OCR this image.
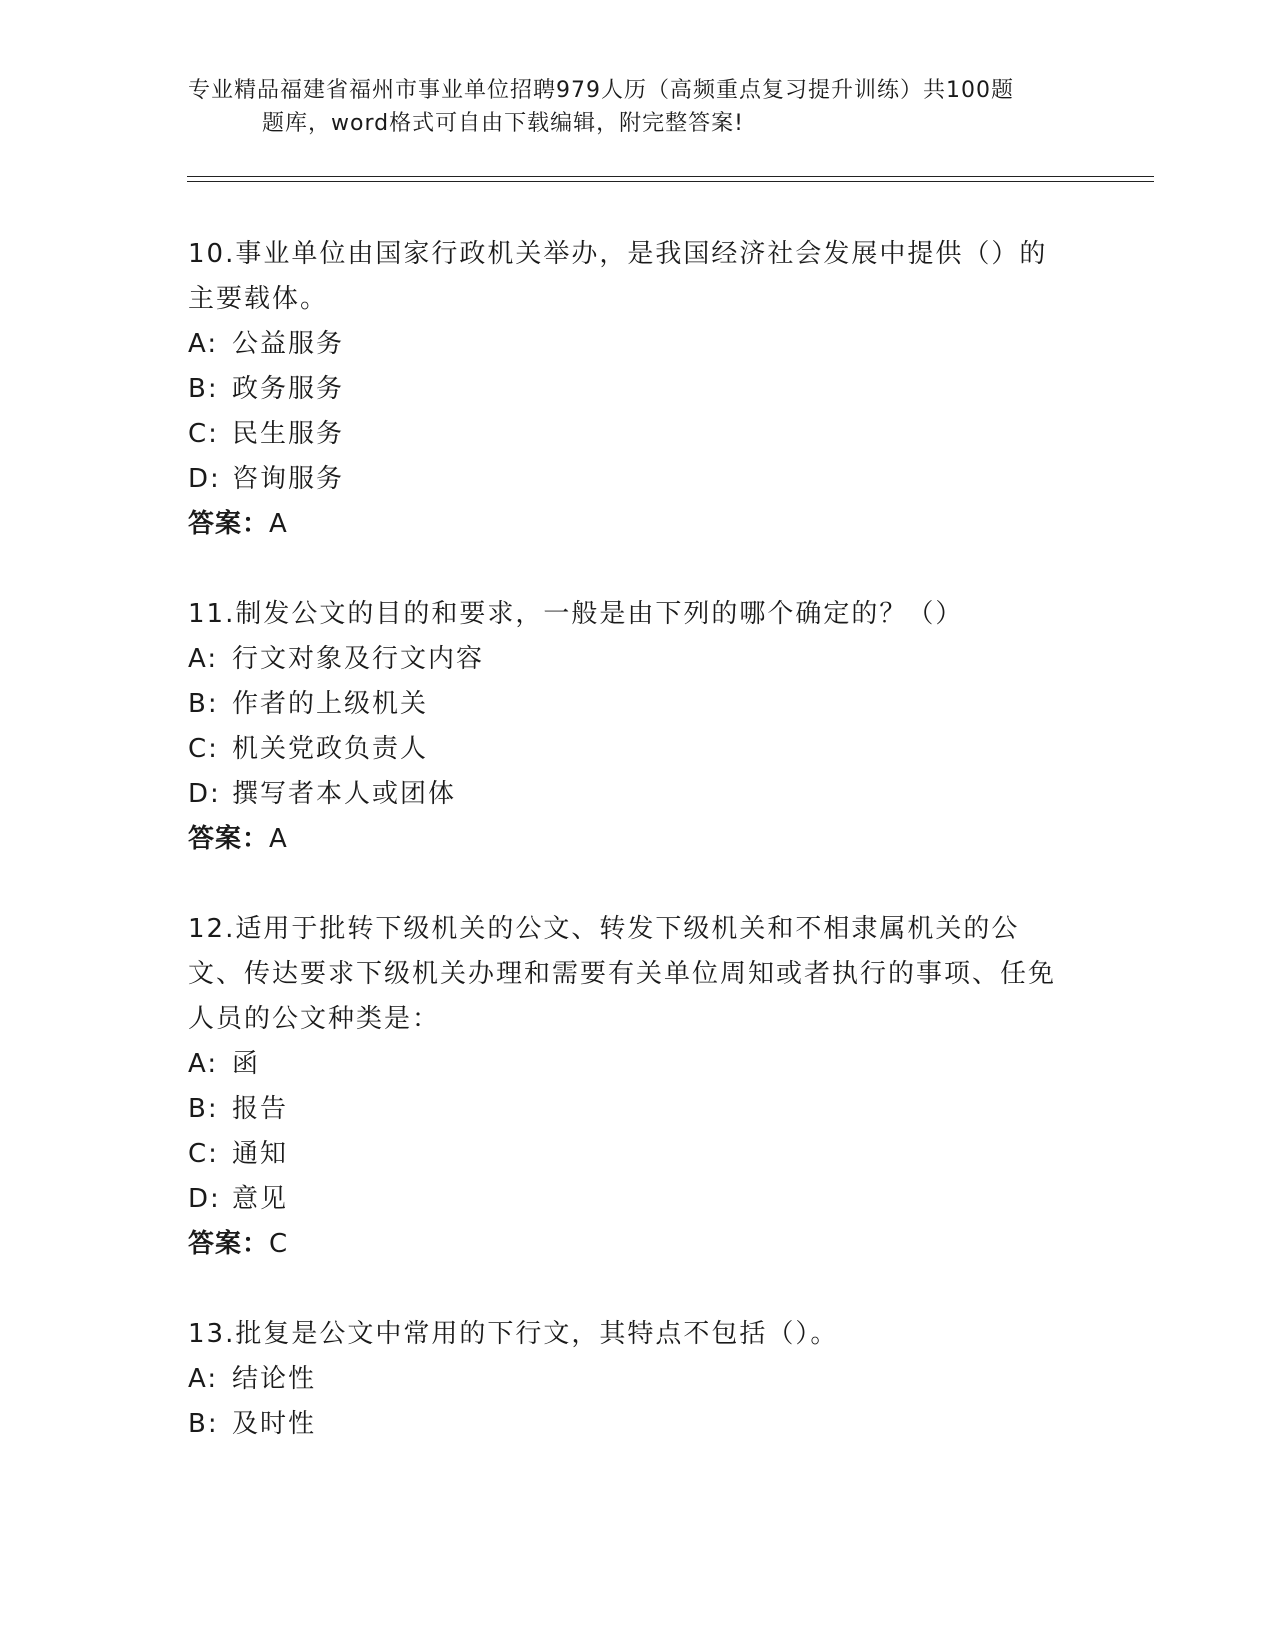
专业精品福建省福州市事业单位招聘979人历（高频重点复习提升训练）共100题
题库，word格式可自由下载编辑，附完整答案!

10.事业单位由国家行政机关举办，是我国经济社会发展中提供（）的主要载体。

A: 公益服务

B: 政务服务

C: 民生服务

D: 咨询服务

答案：A

11.制发公文的目的和要求，一般是由下列的哪个确定的？（）

A: 行文对象及行文内容

B: 作者的上级机关

C: 机关党政负责人

D: 撰写者本人或团体

答案：A

12.适用于批转下级机关的公文、转发下级机关和不相隶属机关的公文、传达要求下级机关办理和需要有关单位周知或者执行的事项、任免人员的公文种类是：

A: 函

B: 报告

C: 通知

D: 意见

答案：C

13.批复是公文中常用的下行文，其特点不包括（）。

A: 结论性

B: 及时性
